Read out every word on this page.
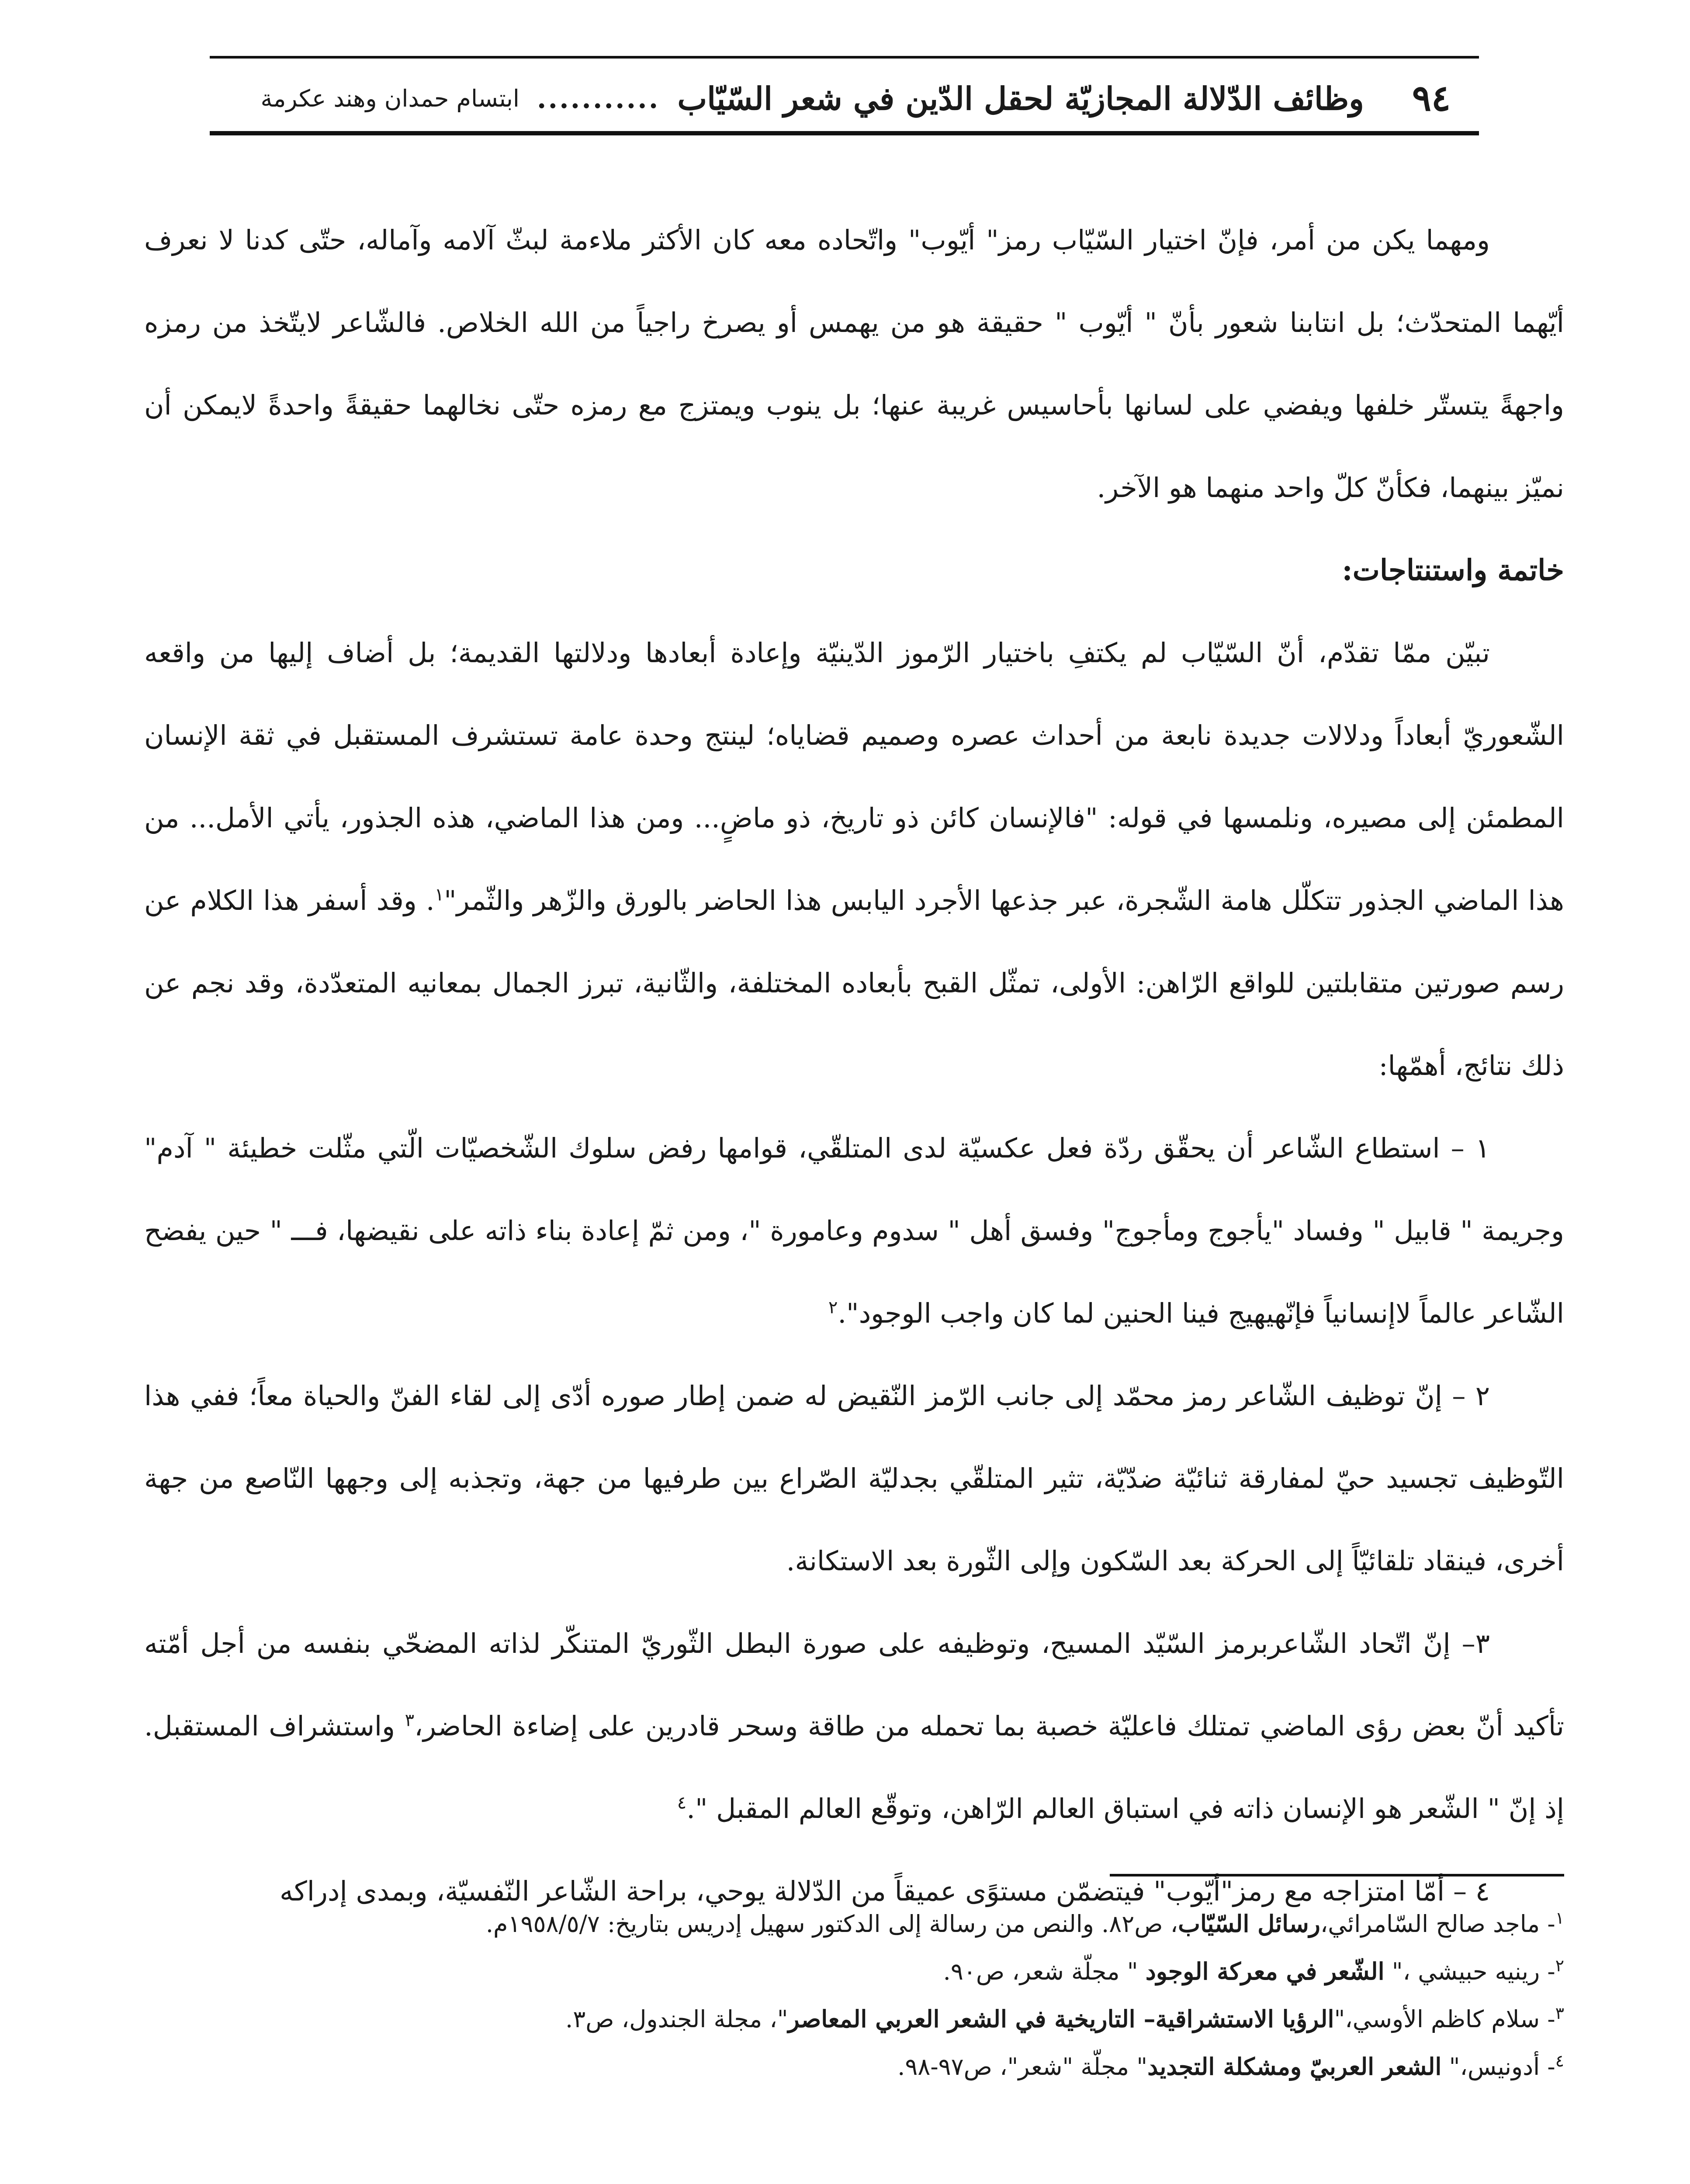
٩٤
وظائف الدّلالة المجازيّة لحقل الدّين في شعر السّيّاب
...........
ابتسام حمدان وهند عكرمة

ومهما يكن من أمر، فإنّ اختيار السّيّاب رمز" أيّوب" واتّحاده معه كان الأكثر ملاءمة لبثّ آلامه وآماله، حتّى كدنا لا نعرف أيّهما المتحدّث؛ بل انتابنا شعور بأنّ " أيّوب " حقيقة هو من يهمس أو يصرخ راجياً من الله الخلاص. فالشّاعر لايتّخذ من رمزه واجهةً يتستّر خلفها ويفضي على لسانها بأحاسيس غريبة عنها؛ بل ينوب ويمتزج مع رمزه حتّى نخالهما حقيقةً واحدةً لايمكن أن نميّز بينهما، فكأنّ كلّ واحد منهما هو الآخر.

خاتمة واستنتاجات:

تبيّن ممّا تقدّم، أنّ السّيّاب لم يكتفِ باختيار الرّموز الدّينيّة وإعادة أبعادها ودلالتها القديمة؛ بل أضاف إليها من واقعه الشّعوريّ أبعاداً ودلالات جديدة نابعة من أحداث عصره وصميم قضاياه؛ لينتج وحدة عامة تستشرف المستقبل في ثقة الإنسان المطمئن إلى مصيره، ونلمسها في قوله: "فالإنسان كائن ذو تاريخ، ذو ماضٍ... ومن هذا الماضي، هذه الجذور، يأتي الأمل... من هذا الماضي الجذور تتكلّل هامة الشّجرة، عبر جذعها الأجرد اليابس هذا الحاضر بالورق والزّهر والثّمر"$^١$. وقد أسفر هذا الكلام عن رسم صورتين متقابلتين للواقع الرّاهن: الأولى، تمثّل القبح بأبعاده المختلفة، والثّانية، تبرز الجمال بمعانيه المتعدّدة، وقد نجم عن ذلك نتائج، أهمّها:

١ – استطاع الشّاعر أن يحقّق ردّة فعل عكسيّة لدى المتلقّي، قوامها رفض سلوك الشّخصيّات الّتي مثّلت خطيئة " آدم" وجريمة " قابيل " وفساد "يأجوج ومأجوج" وفسق أهل " سدوم وعامورة "، ومن ثمّ إعادة بناء ذاته على نقيضها، فـــ " حين يفضح الشّاعر عالماً لاإنسانياً فإنّهيهيج فينا الحنين لما كان واجب الوجود".$^٢$

٢ – إنّ توظيف الشّاعر رمز محمّد إلى جانب الرّمز النّقيض له ضمن إطار صوره أدّى إلى لقاء الفنّ والحياة معاً؛ ففي هذا التّوظيف تجسيد حيّ لمفارقة ثنائيّة ضدّيّة، تثير المتلقّي بجدليّة الصّراع بين طرفيها من جهة، وتجذبه إلى وجهها النّاصع من جهة أخرى، فينقاد تلقائيّاً إلى الحركة بعد السّكون وإلى الثّورة بعد الاستكانة.

٣– إنّ اتّحاد الشّاعربرمز السّيّد المسيح، وتوظيفه على صورة البطل الثّوريّ المتنكّر لذاته المضحّي بنفسه من أجل أمّته تأكيد أنّ بعض رؤى الماضي تمتلك فاعليّة خصبة بما تحمله من طاقة وسحر قادرين على إضاءة الحاضر،$^٣$ واستشراف المستقبل. إذ إنّ " الشّعر هو الإنسان ذاته في استباق العالم الرّاهن، وتوقّع العالم المقبل ".$^٤$

٤ – أمّا امتزاجه مع رمز"أيّوب" فيتضمّن مستوًى عميقاً من الدّلالة يوحي، براحة الشّاعر النّفسيّة، وبمدى إدراكه

$^١$- ماجد صالح السّامرائي،رسائل السّيّاب، ص٨٢. والنص من رسالة إلى الدكتور سهيل إدريس بتاريخ: ١٩٥٨/٥/٧م.

$^٢$- رينيه حبيشي ،" الشّعر في معركة الوجود " مجلّة شعر، ص٩٠.

$^٣$- سلام كاظم الأوسي،"الرؤيا الاستشراقية– التاريخية في الشعر العربي المعاصر"، مجلة الجندول، ص٣.

$^٤$- أدونيس،" الشعر العربيّ ومشكلة التجديد" مجلّة "شعر"، ص٩٧-٩٨.
